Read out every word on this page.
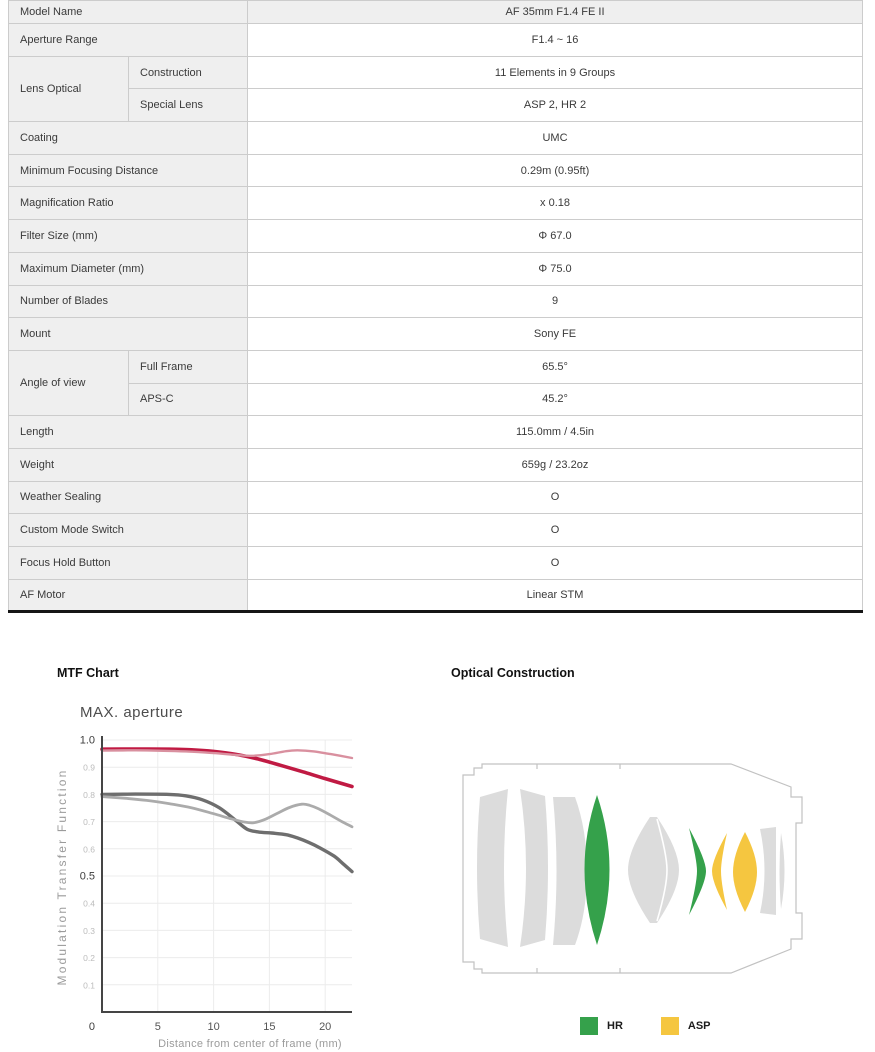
Model Name		AF 35mm F1.4 FE II
Aperture Range		F1.4 ~ 16
Lens Optical	Construction	11 Elements in 9 Groups
	Special Lens	ASP 2, HR 2
Coating		UMC
Minimum Focusing Distance		0.29m (0.95ft)
Magnification Ratio		x 0.18
Filter Size (mm)		Φ 67.0
Maximum Diameter (mm)		Φ 75.0
Number of Blades		9
Mount		Sony FE
Angle of view	Full Frame	65.5°
	APS-C	45.2°
Length		115.0mm / 4.5in
Weight		659g / 23.2oz
Weather Sealing		O
Custom Mode Switch		O
Focus Hold Button		O
AF Motor		Linear STM
MTF Chart	Optical Construction
MAX. aperture
Modulation Transfer Function
1.0
0.9
0.8
0.7
0.6
0.5
0.4
0.3
0.2
0.1
0	5	10	15	20
Distance from center of frame (mm)
HR	ASP
